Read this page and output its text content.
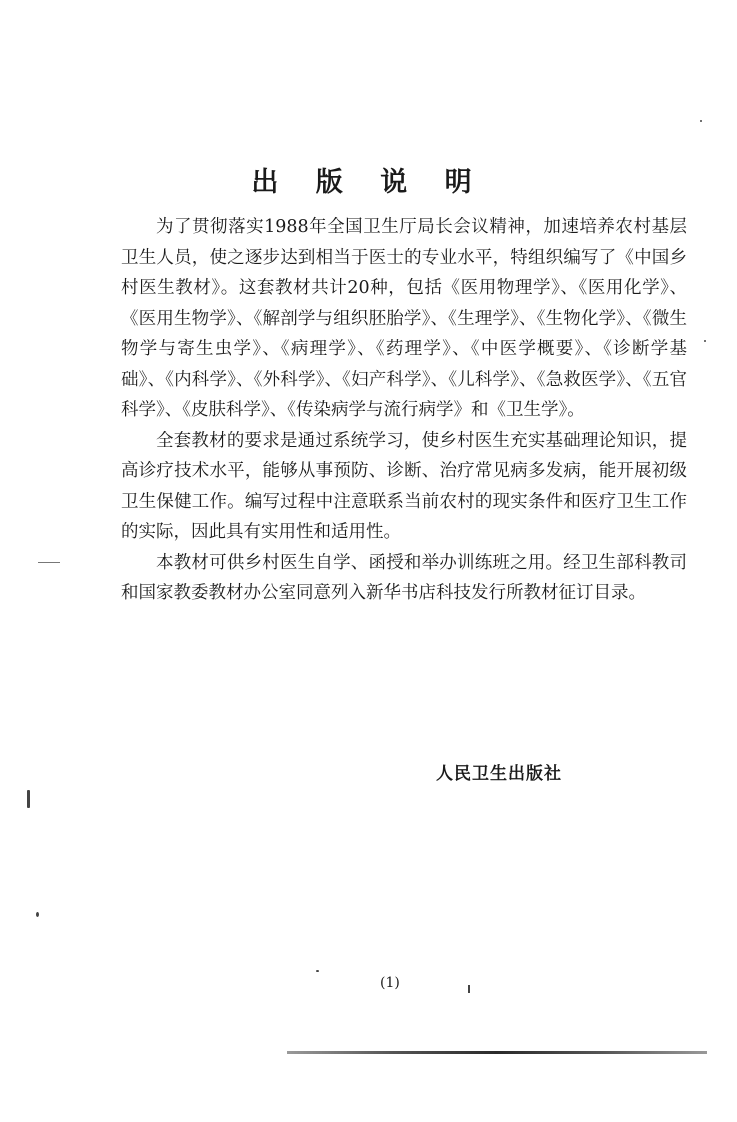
出 版 说 明

为了贯彻落实1988年全国卫生厅局长会议精神，加速培养农村基层卫生人员，使之逐步达到相当于医士的专业水平，特组织编写了《中国乡村医生教材》。这套教材共计20种，包括《医用物理学》、《医用化学》、《医用生物学》、《解剖学与组织胚胎学》、《生理学》、《生物化学》、《微生物学与寄生虫学》、《病理学》、《药理学》、《中医学概要》、《诊断学基础》、《内科学》、《外科学》、《妇产科学》、《儿科学》、《急救医学》、《五官科学》、《皮肤科学》、《传染病学与流行病学》和《卫生学》。

全套教材的要求是通过系统学习，使乡村医生充实基础理论知识，提高诊疗技术水平，能够从事预防、诊断、治疗常见病多发病，能开展初级卫生保健工作。编写过程中注意联系当前农村的现实条件和医疗卫生工作的实际，因此具有实用性和适用性。

本教材可供乡村医生自学、函授和举办训练班之用。经卫生部科教司和国家教委教材办公室同意列入新华书店科技发行所教材征订目录。

人民卫生出版社
(1)
